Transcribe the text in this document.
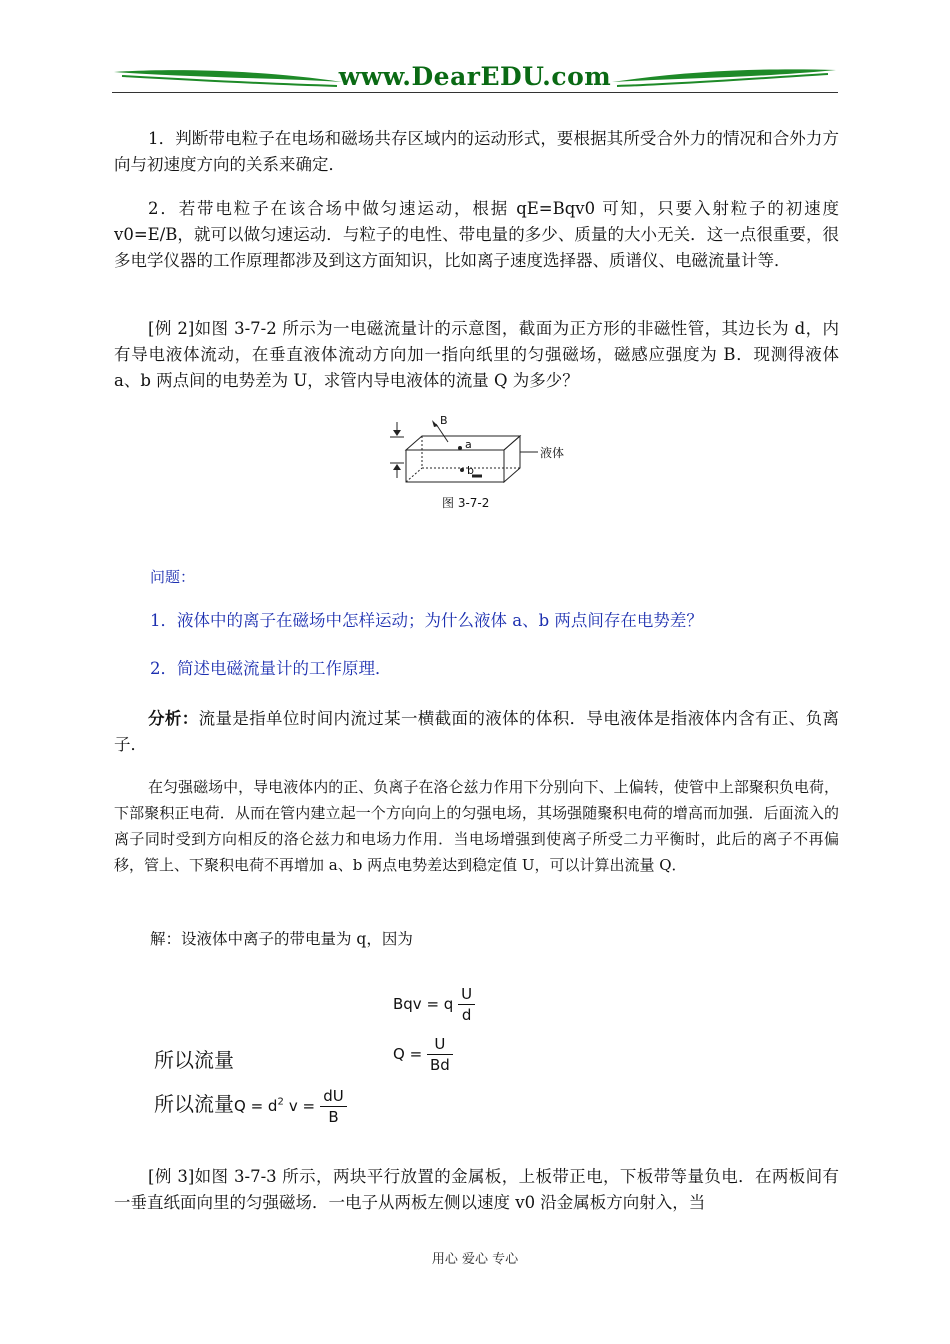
www.DearEDU.com

1．判断带电粒子在电场和磁场共存区域内的运动形式，要根据其所受合外力的情况和合外力方向与初速度方向的关系来确定．

2．若带电粒子在该合场中做匀速运动，根据 qE=Bqv0 可知，只要入射粒子的初速度 v0=E/B，就可以做匀速运动．与粒子的电性、带电量的多少、质量的大小无关．这一点很重要，很多电学仪器的工作原理都涉及到这方面知识，比如离子速度选择器、质谱仪、电磁流量计等．

[例 2]如图 3-7-2 所示为一电磁流量计的示意图，截面为正方形的非磁性管，其边长为 d，内有导电液体流动，在垂直液体流动方向加一指向纸里的匀强磁场，磁感应强度为 B．现测得液体 a、b 两点间的电势差为 U，求管内导电液体的流量 Q 为多少？

B
a
b
液体
图 3-7-2

问题：

1．液体中的离子在磁场中怎样运动；为什么液体 a、b 两点间存在电势差？

2．简述电磁流量计的工作原理．

分析：流量是指单位时间内流过某一横截面的液体的体积．导电液体是指液体内含有正、负离子．

在匀强磁场中，导电液体内的正、负离子在洛仑兹力作用下分别向下、上偏转，使管中上部聚积负电荷，下部聚积正电荷．从而在管内建立起一个方向向上的匀强电场，其场强随聚积电荷的增高而加强．后面流入的离子同时受到方向相反的洛仑兹力和电场力作用．当电场增强到使离子所受二力平衡时，此后的离子不再偏移，管上、下聚积电荷不再增加 a、b 两点电势差达到稳定值 U，可以计算出流量 Q．

解：设液体中离子的带电量为 q，因为

Bqv = q $\frac{U}{d}$
所以流量	$Q = \frac{U}{Bd}$
所以流量$Q = d^2$ $v = \frac{dU}{B}$

[例 3]如图 3-7-3 所示，两块平行放置的金属板，上板带正电，下板带等量负电．在两板间有一垂直纸面向里的匀强磁场．一电子从两板左侧以速度 v0 沿金属板方向射入，当

用心 爱心 专心
